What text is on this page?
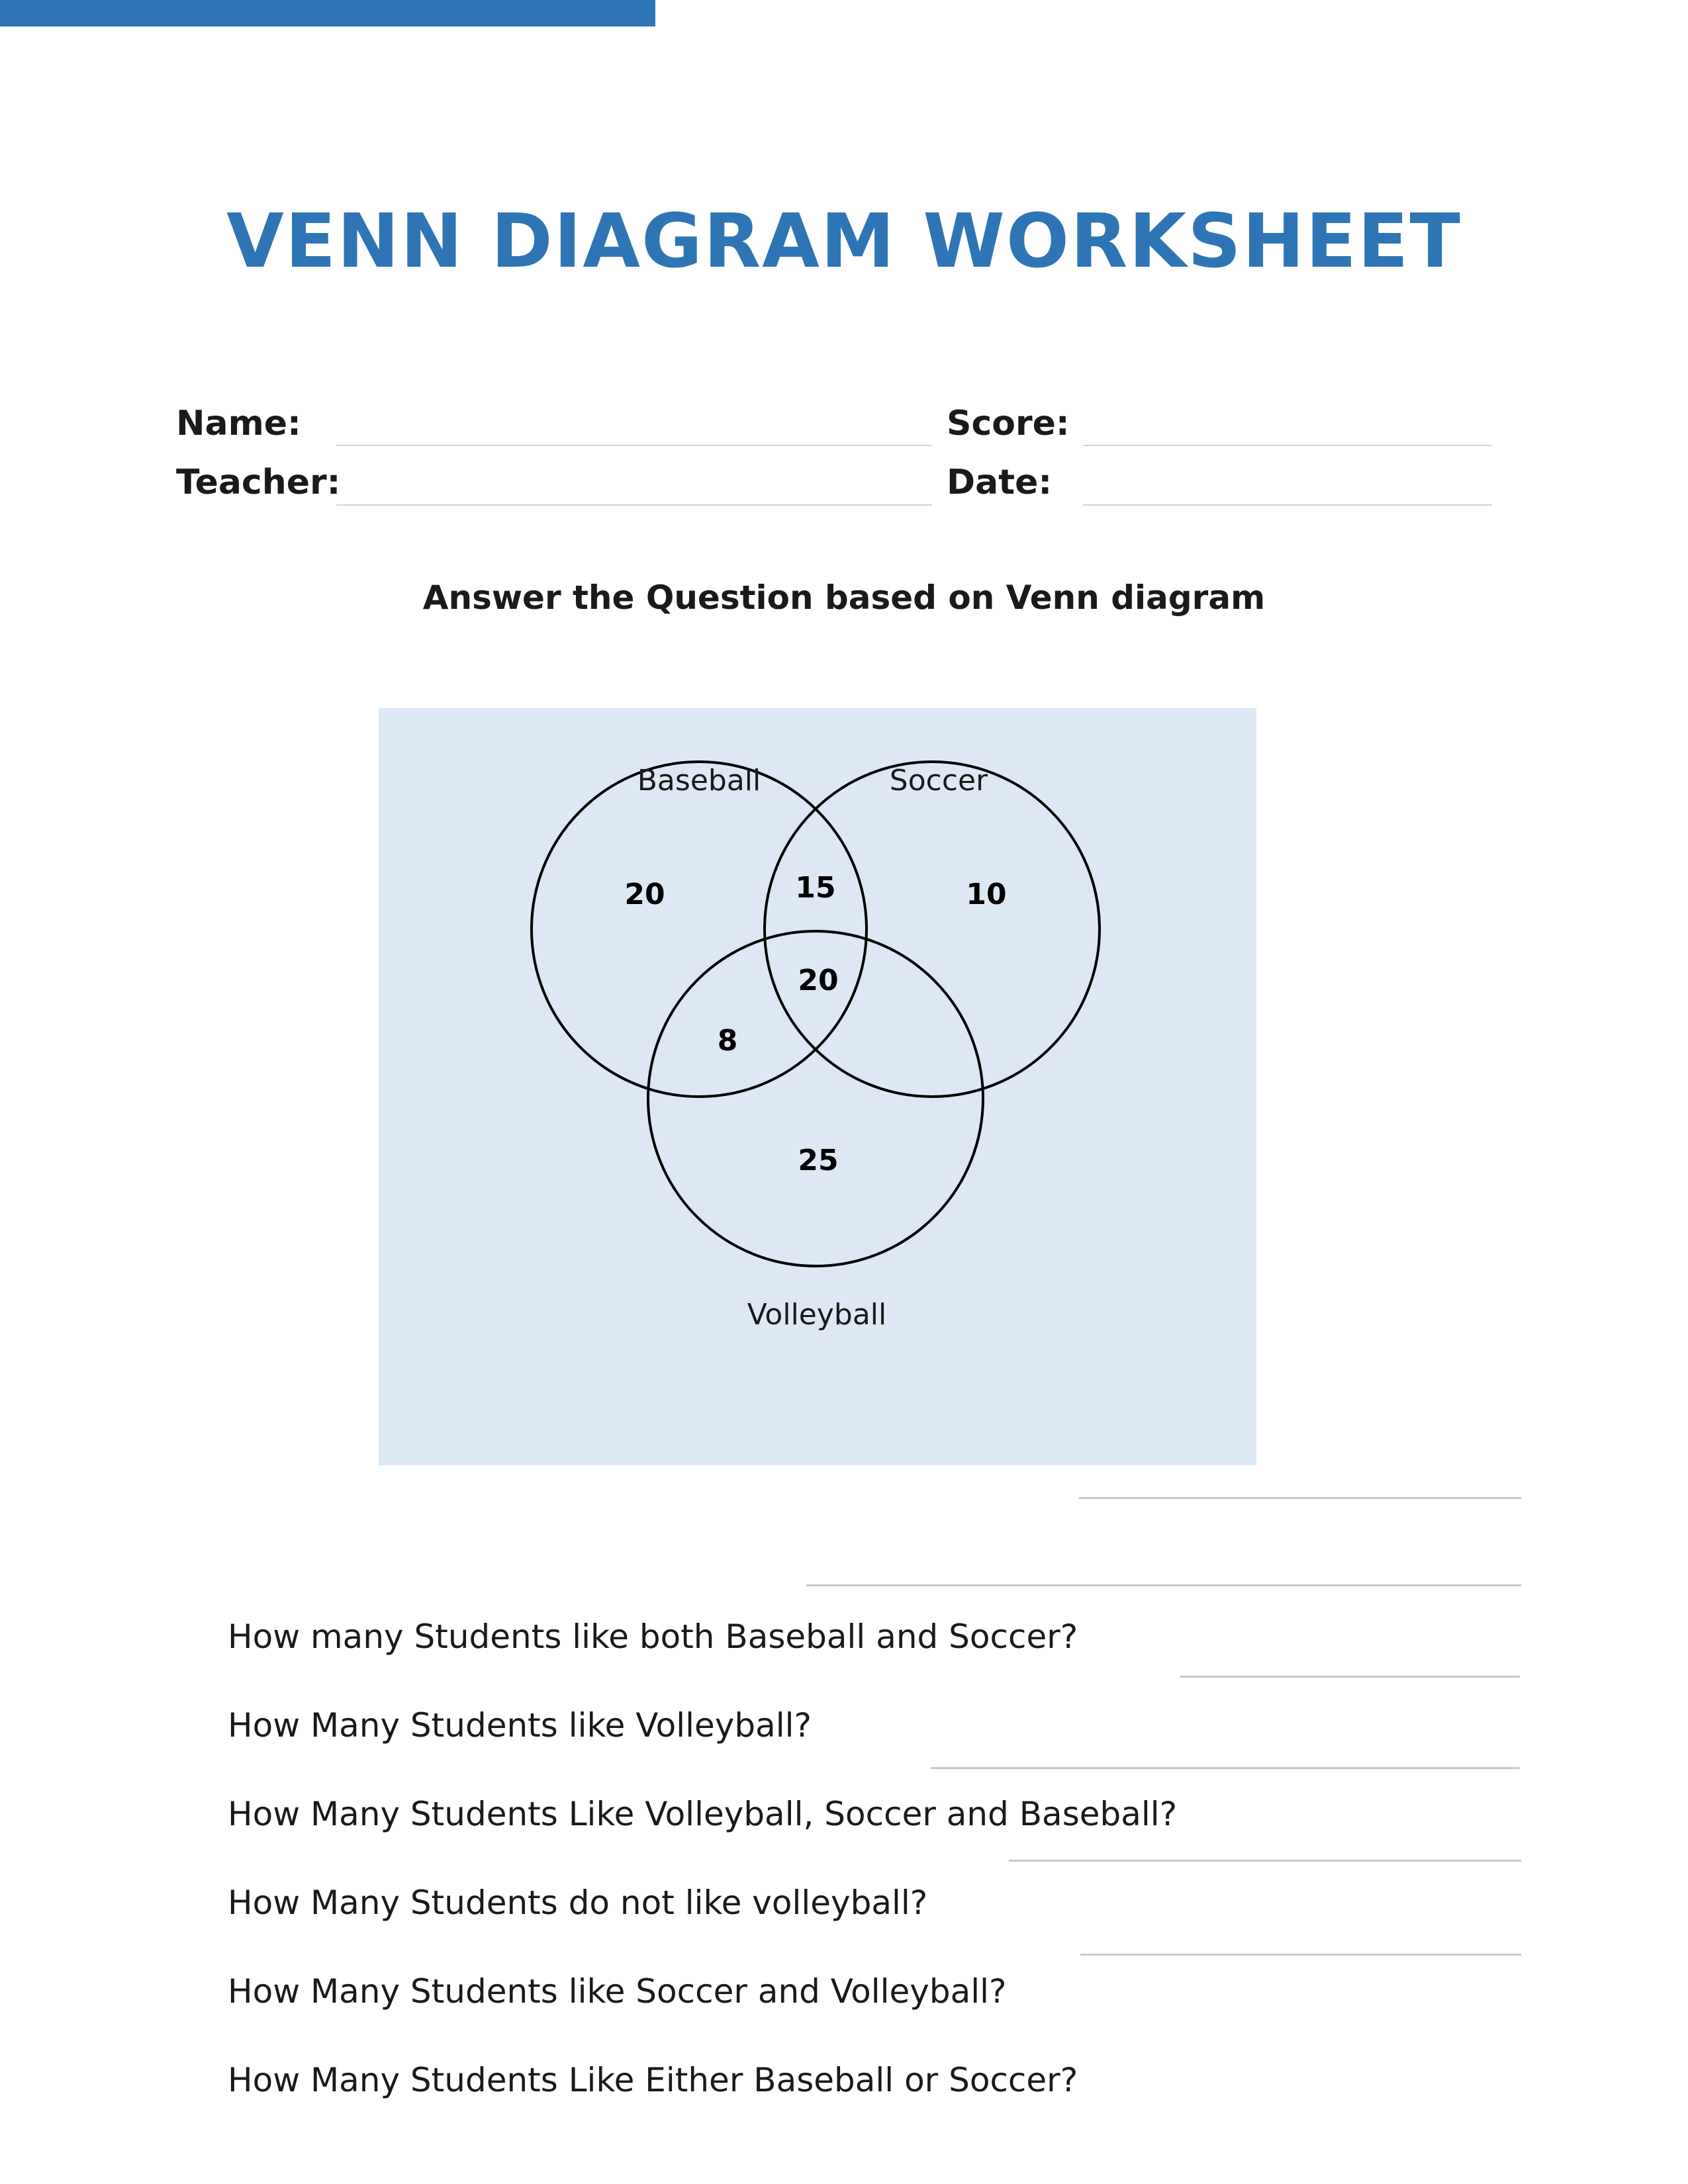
VENN DIAGRAM WORKSHEET
Name:	Score:
Teacher:	Date:
Answer the Question based on Venn diagram
Baseball	Soccer
Volleyball
20	15	10
20
8
25
How many Students like both Baseball and Soccer?
How Many Students like Volleyball?
How Many Students Like Volleyball, Soccer and Baseball?
How Many Students do not like volleyball?
How Many Students like Soccer and Volleyball?
How Many Students Like Either Baseball or Soccer?
